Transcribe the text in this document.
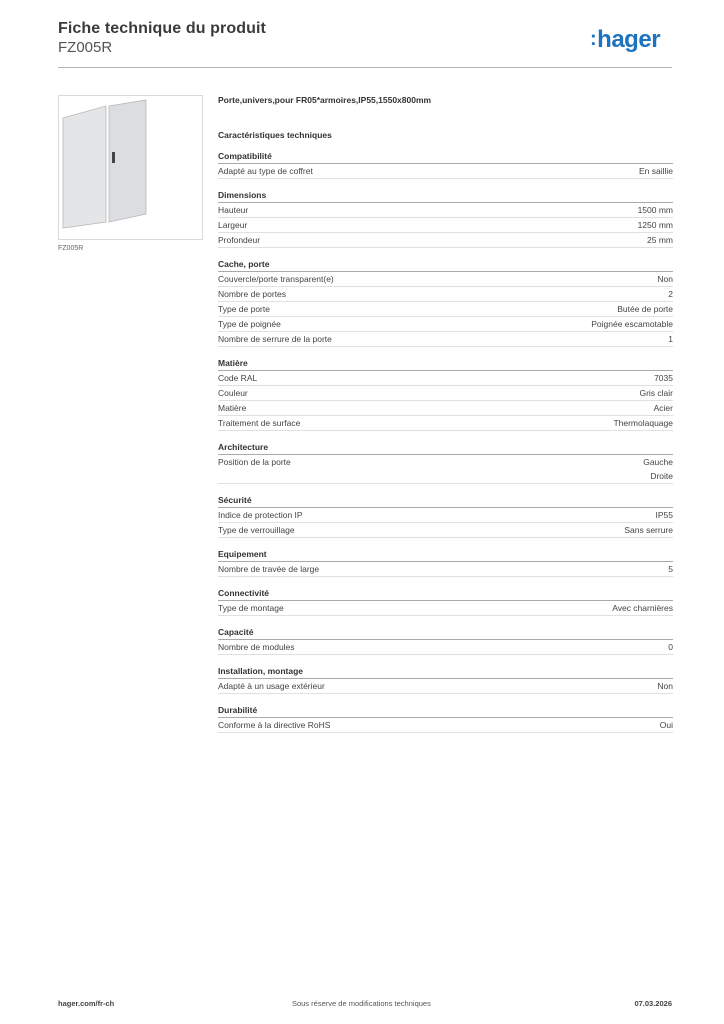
Fiche technique du produit
FZ005R	:hager
FZ005R
Porte,univers,pour FR05*armoires,IP55,1550x800mm
Caractéristiques techniques
Compatibilité
Adapté au type de coffret	En saillie
Dimensions
Hauteur	1500 mm
Largeur	1250 mm
Profondeur	25 mm
Cache, porte
Couvercle/porte transparent(e)	Non
Nombre de portes	2
Type de porte	Butée de porte
Type de poignée	Poignée escamotable
Nombre de serrure de la porte	1
Matière
Code RAL	7035
Couleur	Gris clair
Matière	Acier
Traitement de surface	Thermolaquage
Architecture
Position de la porte	Gauche
Droite
Sécurité
Indice de protection IP	IP55
Type de verrouillage	Sans serrure
Equipement
Nombre de travée de large	5
Connectivité
Type de montage	Avec charnières
Capacité
Nombre de modules	0
Installation, montage
Adapté à un usage extérieur	Non
Durabilité
Conforme à la directive RoHS	Oui
hager.com/fr-ch	Sous réserve de modifications techniques	07.03.2026
